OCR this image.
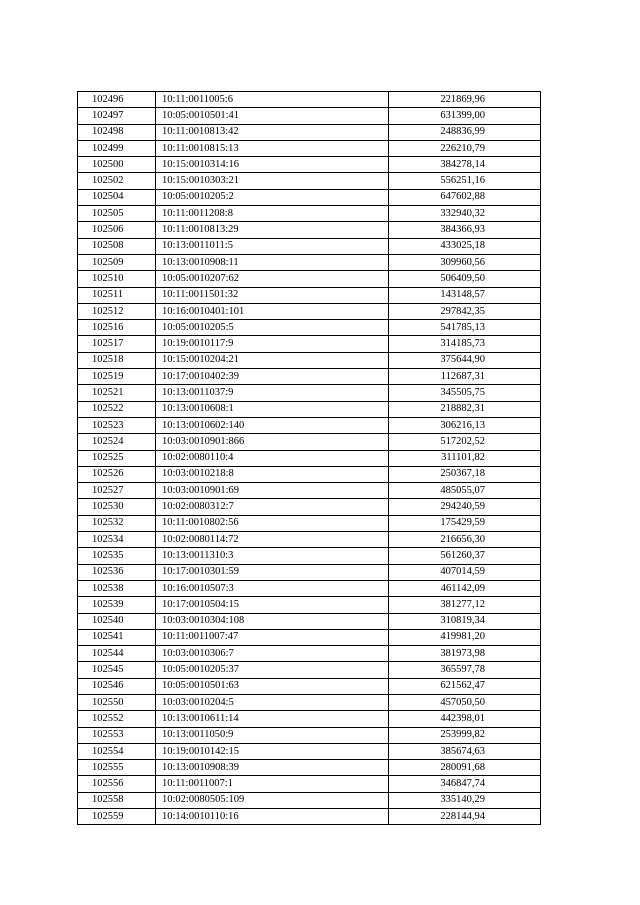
102496	10:11:0011005:6	221869,96
102497	10:05:0010501:41	631399,00
102498	10:11:0010813:42	248836,99
102499	10:11:0010815:13	226210,79
102500	10:15:0010314:16	384278,14
102502	10:15:0010303:21	556251,16
102504	10:05:0010205:2	647602,88
102505	10:11:0011208:8	332940,32
102506	10:11:0010813:29	384366,93
102508	10:13:0011011:5	433025,18
102509	10:13:0010908:11	309960,56
102510	10:05:0010207:62	506409,50
102511	10:11:0011501:32	143148,57
102512	10:16:0010401:101	297842,35
102516	10:05:0010205:5	541785,13
102517	10:19:0010117:9	314185,73
102518	10:15:0010204:21	375644,90
102519	10:17:0010402:39	112687,31
102521	10:13:0011037:9	345505,75
102522	10:13:0010608:1	218882,31
102523	10:13:0010602:140	306216,13
102524	10:03:0010901:866	517202,52
102525	10:02:0080110:4	311101,82
102526	10:03:0010218:8	250367,18
102527	10:03:0010901:69	485055,07
102530	10:02:0080312:7	294240,59
102532	10:11:0010802:56	175429,59
102534	10:02:0080114:72	216656,30
102535	10:13:0011310:3	561260,37
102536	10:17:0010301:59	407014,59
102538	10:16:0010507:3	461142,09
102539	10:17:0010504:15	381277,12
102540	10:03:0010304:108	310819,34
102541	10:11:0011007:47	419981,20
102544	10:03:0010306:7	381973,98
102545	10:05:0010205:37	365597,78
102546	10:05:0010501:63	621562,47
102550	10:03:0010204:5	457050,50
102552	10:13:0010611:14	442398,01
102553	10:13:0011050:9	253999,82
102554	10:19:0010142:15	385674,63
102555	10:13:0010908:39	280091,68
102556	10:11:0011007:1	346847,74
102558	10:02:0080505:109	335140,29
102559	10:14:0010110:16	228144,94
